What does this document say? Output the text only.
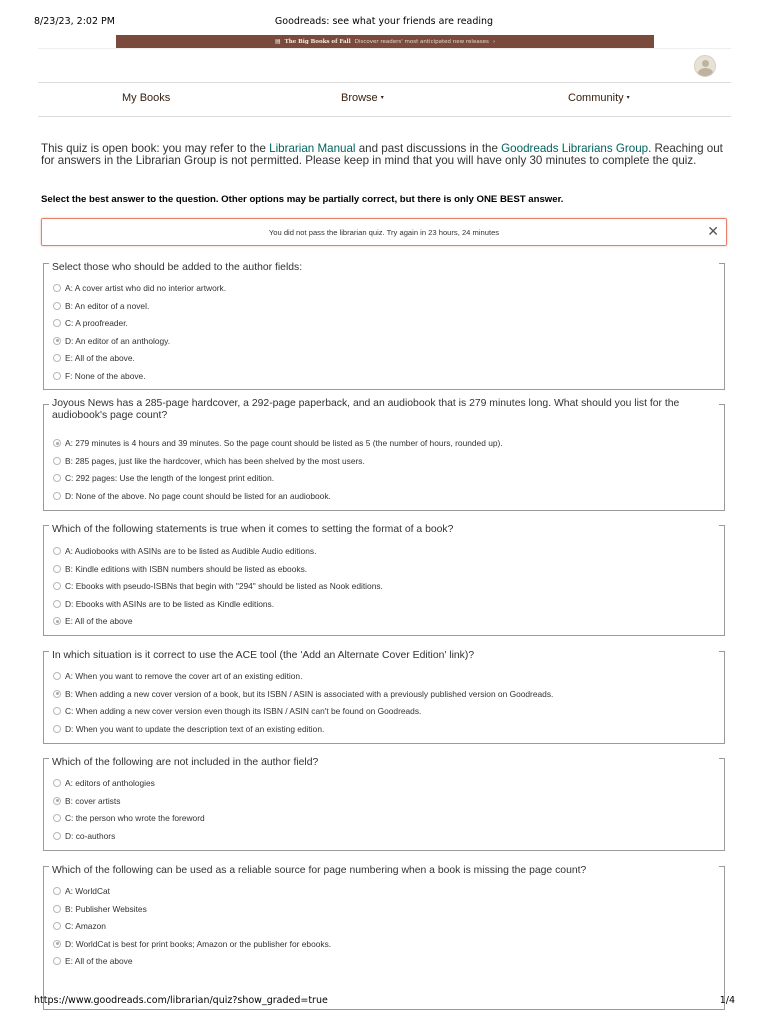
8/23/23, 2:02 PM	Goodreads: see what your friends are reading
▤ The Big Books of Fall Discover readers' most anticipated new releases ›
My Books	Browse ▾	Community ▾
This quiz is open book: you may refer to the Librarian Manual and past discussions in the Goodreads Librarians Group. Reaching out for answers in the Librarian Group is not permitted. Please keep in mind that you will have only 30 minutes to complete the quiz.
Select the best answer to the question. Other options may be partially correct, but there is only ONE BEST answer.
You did not pass the librarian quiz. Try again in 23 hours, 24 minutes	✕
Select those who should be added to the author fields:
A: A cover artist who did no interior artwork.
B: An editor of a novel.
C: A proofreader.
D: An editor of an anthology.
E: All of the above.
F: None of the above.
Joyous News has a 285-page hardcover, a 292-page paperback, and an audiobook that is 279 minutes long. What should you list for the audiobook's page count?
A: 279 minutes is 4 hours and 39 minutes. So the page count should be listed as 5 (the number of hours, rounded up).
B: 285 pages, just like the hardcover, which has been shelved by the most users.
C: 292 pages: Use the length of the longest print edition.
D: None of the above. No page count should be listed for an audiobook.
Which of the following statements is true when it comes to setting the format of a book?
A: Audiobooks with ASINs are to be listed as Audible Audio editions.
B: Kindle editions with ISBN numbers should be listed as ebooks.
C: Ebooks with pseudo-ISBNs that begin with "294" should be listed as Nook editions.
D: Ebooks with ASINs are to be listed as Kindle editions.
E: All of the above
In which situation is it correct to use the ACE tool (the 'Add an Alternate Cover Edition' link)?
A: When you want to remove the cover art of an existing edition.
B: When adding a new cover version of a book, but its ISBN / ASIN is associated with a previously published version on Goodreads.
C: When adding a new cover version even though its ISBN / ASIN can't be found on Goodreads.
D: When you want to update the description text of an existing edition.
Which of the following are not included in the author field?
A: editors of anthologies
B: cover artists
C: the person who wrote the foreword
D: co-authors
Which of the following can be used as a reliable source for page numbering when a book is missing the page count?
A: WorldCat
B: Publisher Websites
C: Amazon
D: WorldCat is best for print books; Amazon or the publisher for ebooks.
E: All of the above
https://www.goodreads.com/librarian/quiz?show_graded=true	1/4
